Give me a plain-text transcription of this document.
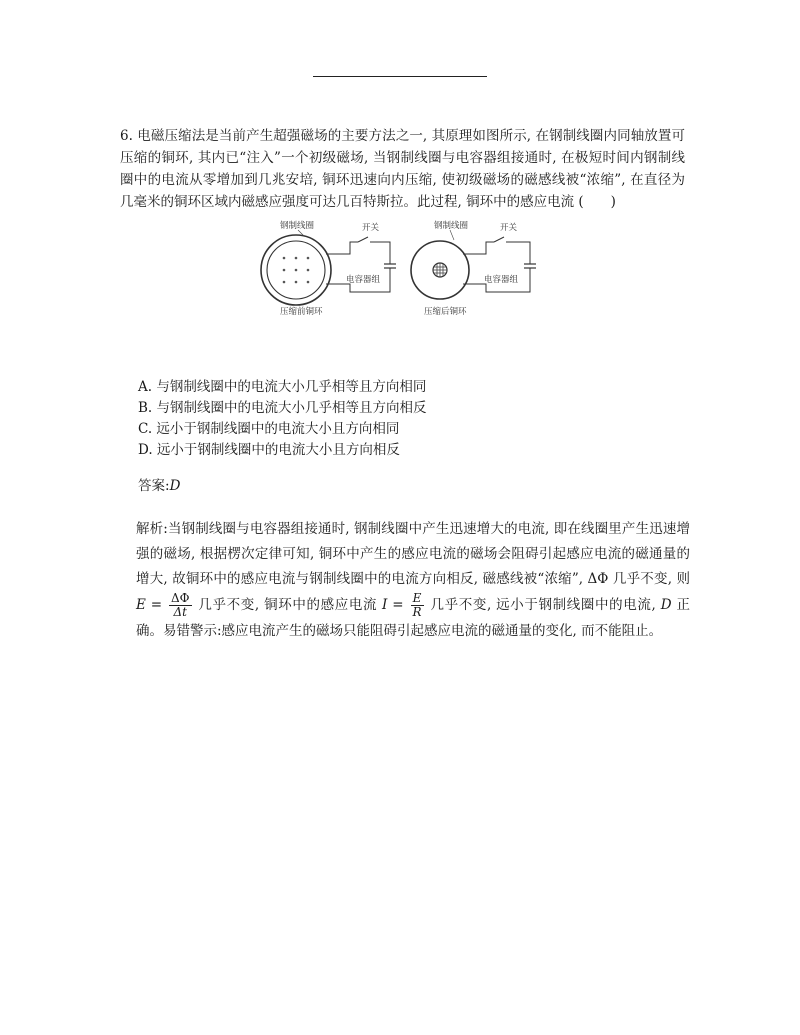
6. 电磁压缩法是当前产生超强磁场的主要方法之一, 其原理如图所示, 在钢制线圈内同轴放置可压缩的铜环, 其内已“注入”一个初级磁场, 当钢制线圈与电容器组接通时, 在极短时间内钢制线圈中的电流从零增加到几兆安培, 铜环迅速向内压缩, 使初级磁场的磁感线被“浓缩”, 在直径为几毫米的铜环区域内磁感应强度可达几百特斯拉。此过程, 铜环中的感应电流 (　　)

钢制线圈	开关
电容器组
压缩前铜环
钢制线圈	开关
电容器组
压缩后铜环
A. 与钢制线圈中的电流大小几乎相等且方向相同
B. 与钢制线圈中的电流大小几乎相等且方向相反
C. 远小于钢制线圈中的电流大小且方向相同
D. 远小于钢制线圈中的电流大小且方向相反
答案:D

解析:当钢制线圈与电容器组接通时, 钢制线圈中产生迅速增大的电流, 即在线圈里产生迅速增强的磁场, 根据楞次定律可知, 铜环中产生的感应电流的磁场会阻碍引起感应电流的磁通量的增大, 故铜环中的感应电流与钢制线圈中的电流方向相反, 磁感线被“浓缩”, ΔΦ 几乎不变, 则 $E = \frac{\Delta\Phi}{\Delta t}$ 几乎不变, 铜环中的感应电流 $I = \frac{E}{R}$ 几乎不变, 远小于钢制线圈中的电流, D 正确。易错警示:感应电流产生的磁场只能阻碍引起感应电流的磁通量的变化, 而不能阻止。
